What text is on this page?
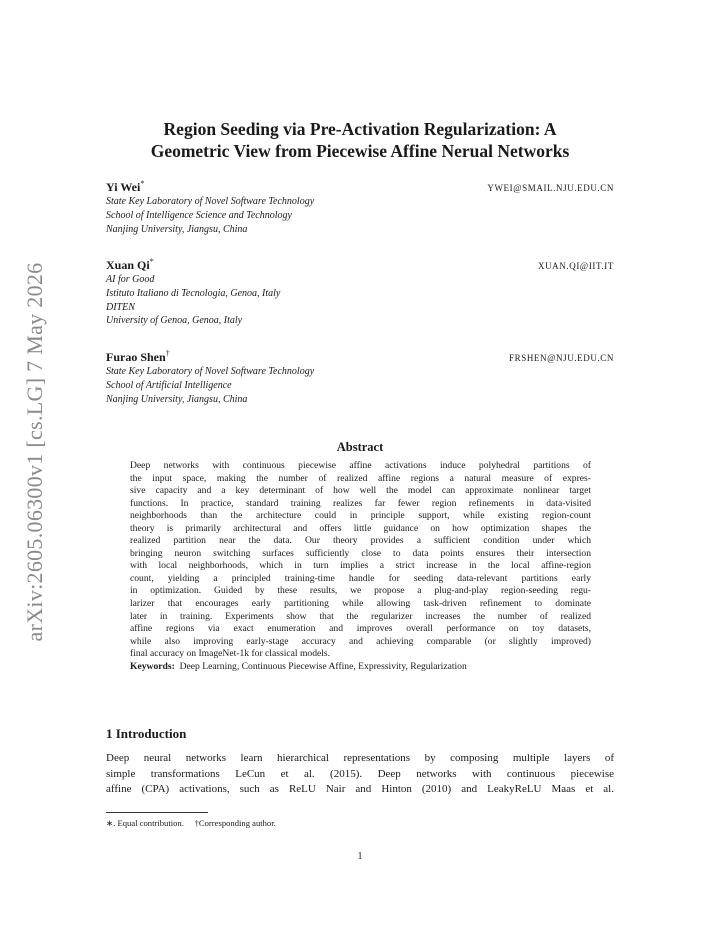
arXiv:2605.06300v1 [cs.LG] 7 May 2026
Region Seeding via Pre-Activation Regularization: A
Geometric View from Piecewise Affine Nerual Networks
Yi Wei*	YWEI@SMAIL.NJU.EDU.CN
State Key Laboratory of Novel Software Technology
School of Intelligence Science and Technology
Nanjing University, Jiangsu, China
Xuan Qi*	XUAN.QI@IIT.IT
AI for Good
Istituto Italiano di Tecnologia, Genoa, Italy
DITEN
University of Genoa, Genoa, Italy
Furao Shen†	FRSHEN@NJU.EDU.CN
State Key Laboratory of Novel Software Technology
School of Artificial Intelligence
Nanjing University, Jiangsu, China
Abstract
Deep networks with continuous piecewise affine activations induce polyhedral partitions of
the input space, making the number of realized affine regions a natural measure of expres-
sive capacity and a key determinant of how well the model can approximate nonlinear target
functions. In practice, standard training realizes far fewer region refinements in data-visited
neighborhoods than the architecture could in principle support, while existing region-count
theory is primarily architectural and offers little guidance on how optimization shapes the
realized partition near the data. Our theory provides a sufficient condition under which
bringing neuron switching surfaces sufficiently close to data points ensures their intersection
with local neighborhoods, which in turn implies a strict increase in the local affine-region
count, yielding a principled training-time handle for seeding data-relevant partitions early
in optimization. Guided by these results, we propose a plug-and-play region-seeding regu-
larizer that encourages early partitioning while allowing task-driven refinement to dominate
later in training. Experiments show that the regularizer increases the number of realized
affine regions via exact enumeration and improves overall performance on toy datasets,
while also improving early-stage accuracy and achieving comparable (or slightly improved)
final accuracy on ImageNet-1k for classical models.
Keywords: Deep Learning, Continuous Piecewise Affine, Expressivity, Regularization
1 Introduction
Deep neural networks learn hierarchical representations by composing multiple layers of
simple transformations LeCun et al. (2015). Deep networks with continuous piecewise
affine (CPA) activations, such as ReLU Nair and Hinton (2010) and LeakyReLU Maas et al.
∗. Equal contribution. †Corresponding author.
1
